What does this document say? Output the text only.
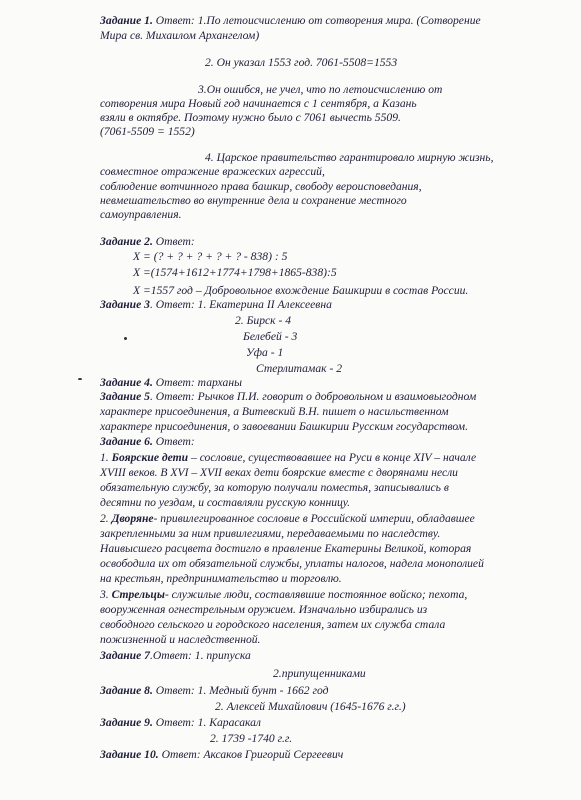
Задание 1. Ответ: 1.По летоисчислению от сотворения мира. (Сотворение
Мира св. Михаилом Архангелом)
2. Он указал 1553 год. 7061-5508=1553
3.Он ошибся, не учел, что по летоисчислению от
сотворения мира Новый год начинается с 1 сентября, а Казань
взяли в октябре. Поэтому нужно было с 7061 вычесть 5509.
(7061-5509 = 1552)
4. Царское правительство гарантировало мирную жизнь,
совместное отражение вражеских агрессий,
соблюдение вотчинного права башкир, свободу вероисповедания,
невмешательство во внутренние дела и сохранение местного
самоуправления.
Задание 2. Ответ:
Х = (? + ? + ? + ? + ? - 838) : 5
Х =(1574+1612+1774+1798+1865-838):5
Х =1557 год – Добровольное вхождение Башкирии в состав России.
Задание 3. Ответ: 1. Екатерина II Алексеевна
2. Бирск - 4
Белебей - 3
Уфа - 1
Стерлитамак - 2
Задание 4. Ответ: тарханы
Задание 5. Ответ: Рычков П.И. говорит о добровольном и взаимовыгодном
характере присоединения, а Витевский В.Н. пишет о насильственном
характере присоединения, о завоевании Башкирии Русским государством.
Задание 6. Ответ:
1. Боярские дети – сословие, существовавшее на Руси в конце XIV – начале
XVIII веков. В XVI – XVII веках дети боярские вместе с дворянами несли
обязательную службу, за которую получали поместья, записывались в
десятни по уездам, и составляли русскую конницу.
2. Дворяне- привилегированное сословие в Российской империи, обладавшее
закрепленными за ним привилегиями, передаваемыми по наследству.
Наивысшего расцвета достигло в правление Екатерины Великой, которая
освободила их от обязательной службы, уплаты налогов, надела монополией
на крестьян, предпринимательство и торговлю.
3. Стрельцы- служилые люди, составлявшие постоянное войско; пехота,
вооруженная огнестрельным оружием. Изначально избирались из
свободного сельского и городского населения, затем их служба стала
пожизненной и наследственной.
Задание 7.Ответ: 1. припуска
2.припущенниками
Задание 8. Ответ: 1. Медный бунт - 1662 год
2. Алексей Михайлович (1645-1676 г.г.)
Задание 9. Ответ: 1. Карасакал
2. 1739 -1740 г.г.
Задание 10. Ответ: Аксаков Григорий Сергеевич
